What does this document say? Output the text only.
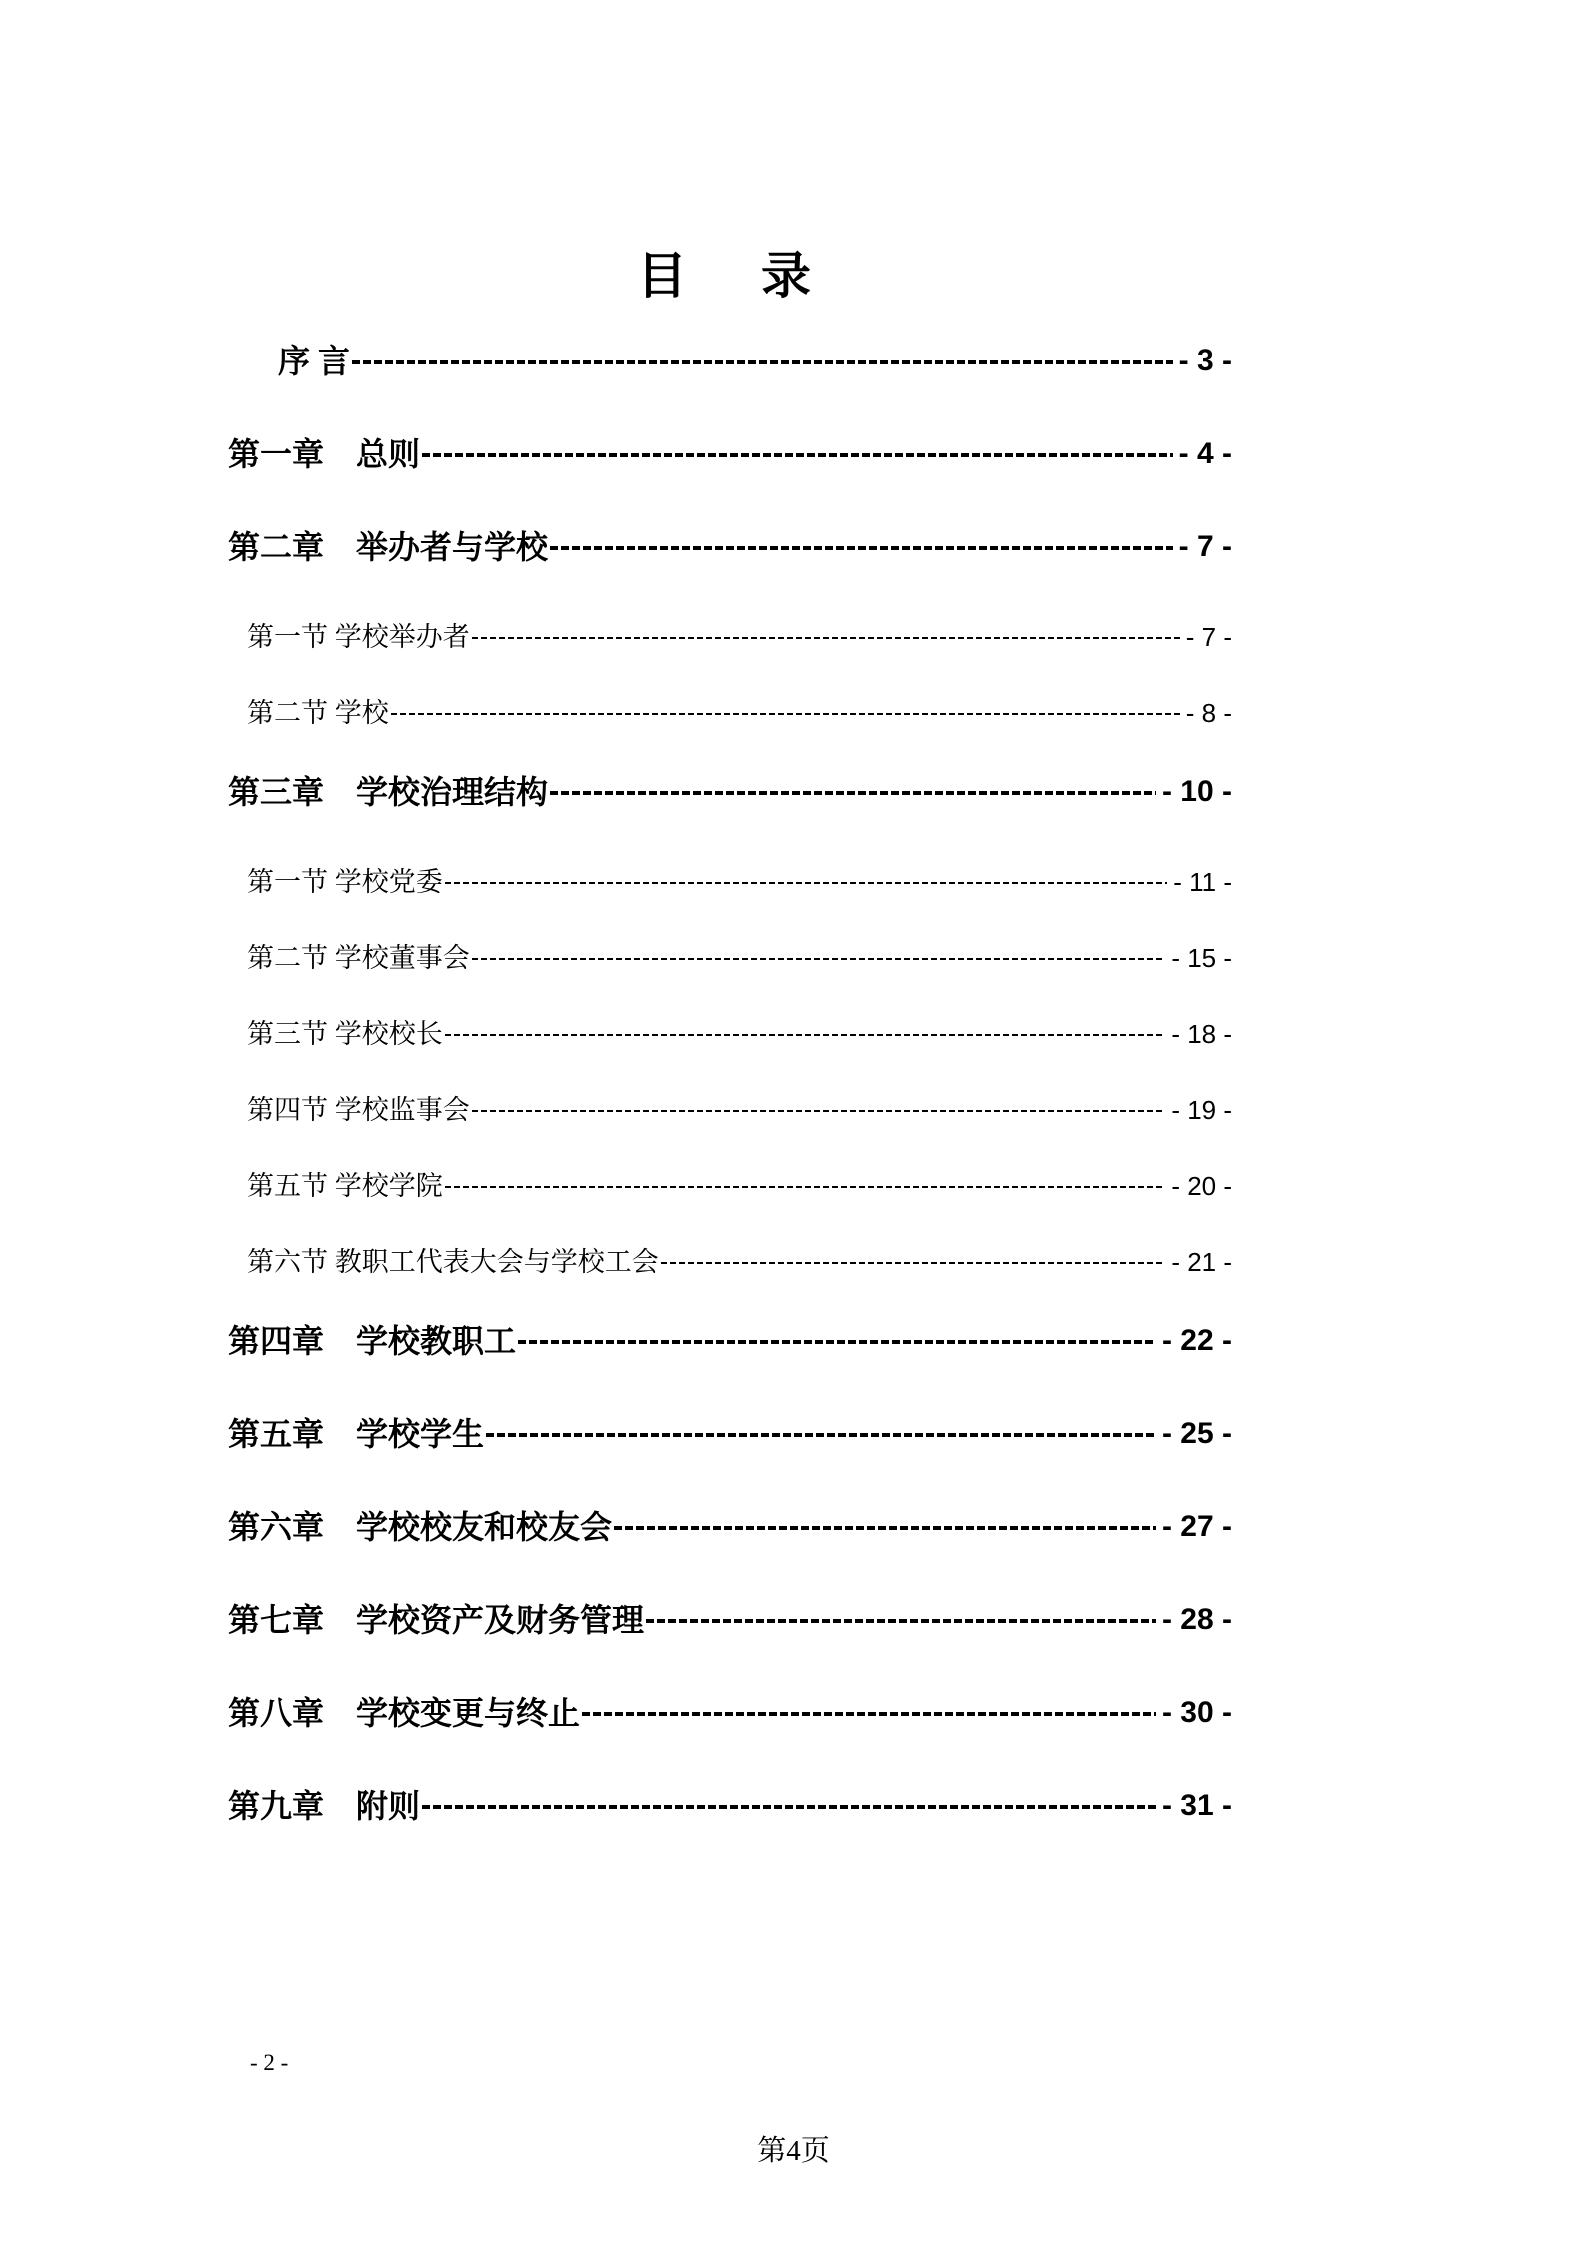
目　录
序 言	- 3 -
第一章　总则	- 4 -
第二章　举办者与学校	- 7 -
第一节 学校举办者	- 7 -
第二节 学校	- 8 -
第三章　学校治理结构	- 10 -
第一节 学校党委	- 11 -
第二节 学校董事会	- 15 -
第三节 学校校长	- 18 -
第四节 学校监事会	- 19 -
第五节 学校学院	- 20 -
第六节 教职工代表大会与学校工会	- 21 -
第四章　学校教职工	- 22 -
第五章　学校学生	- 25 -
第六章　学校校友和校友会	- 27 -
第七章　学校资产及财务管理	- 28 -
第八章　学校变更与终止	- 30 -
第九章　附则	- 31 -
- 2 -
第4页
